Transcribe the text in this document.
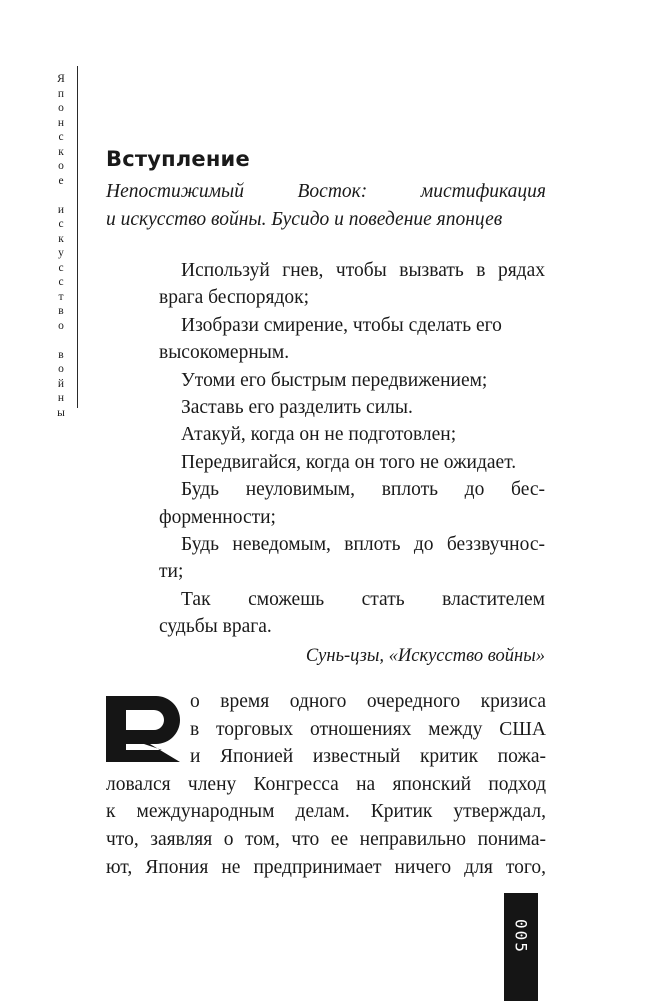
Я
п
о
н
с
к
о
е

и
с
к
у
с
с
т
в
о

в
о
й
н
ы
Вступление
Непостижимый Восток: мистификация
и искусство войны. Бусидо и поведение японцев
Используй гнев, чтобы вызвать в рядах
врага беспорядок;
Изобрази смирение, чтобы сделать его
высокомерным.
Утоми его быстрым передвижением;
Заставь его разделить силы.
Атакуй, когда он не подготовлен;
Передвигайся, когда он того не ожидает.
Будь неуловимым, вплоть до бес-
форменности;
Будь неведомым, вплоть до беззвучнос-
ти;
Так сможешь стать властителем
судьбы врага.
Сунь-цзы, «Искусство войны»
о время одного очередного кризиса
в торговых отношениях между США
и Японией известный критик пожа-
ловался члену Конгресса на японский подход
к международным делам. Критик утверждал,
что, заявляя о том, что ее неправильно понима-
ют, Япония не предпринимает ничего для того,
005
